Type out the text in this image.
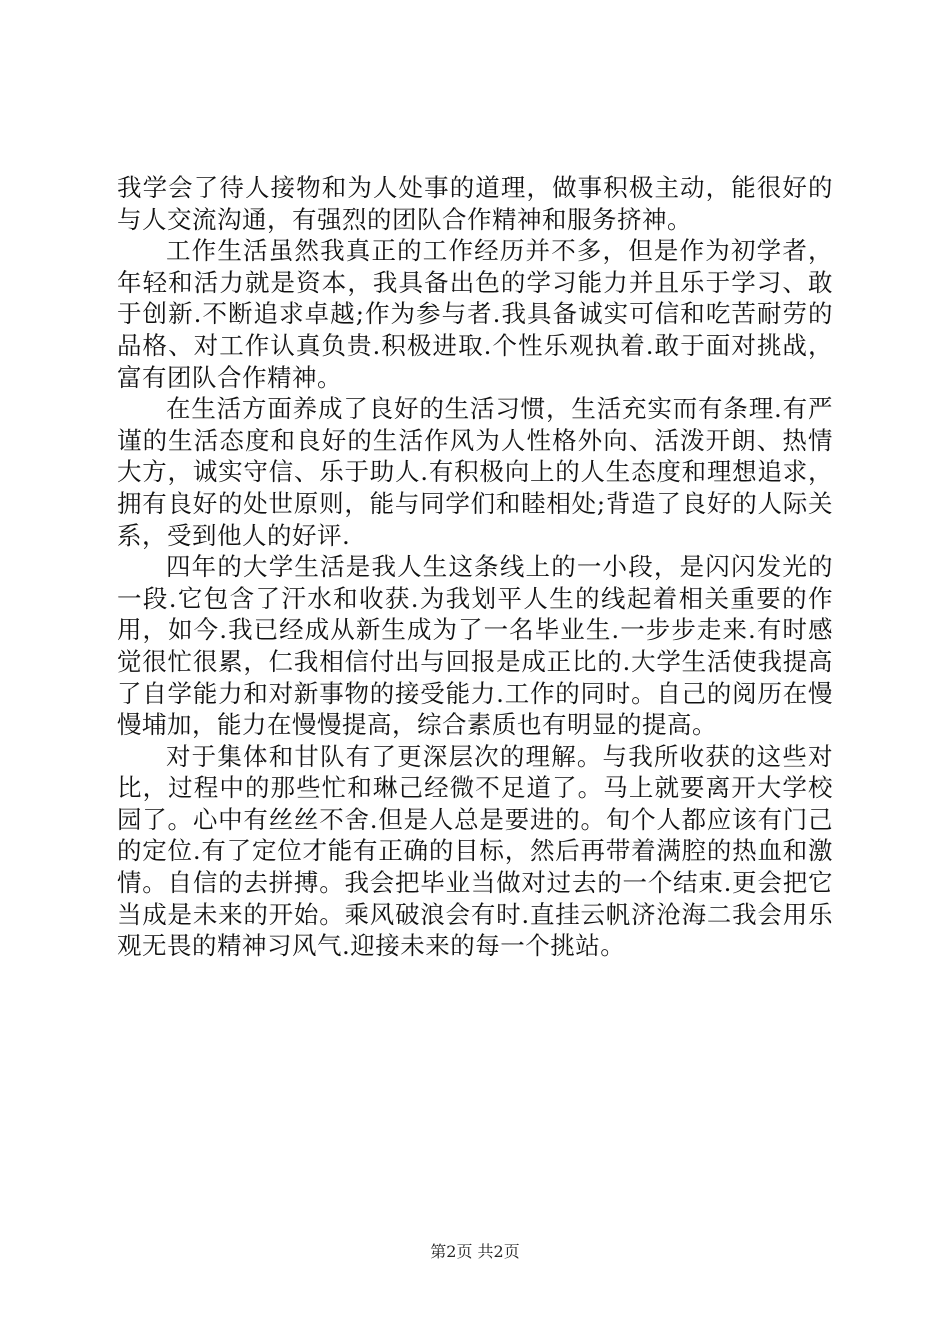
我学会了待人接物和为人处事的道理，做事积极主动，能很好的与人交流沟通，有强烈的团队合作精神和服务挤神。

工作生活虽然我真正的工作经历并不多，但是作为初学者，年轻和活力就是资本，我具备出色的学习能力并且乐于学习、敢于创新.不断追求卓越;作为参与者.我具备诚实可信和吃苦耐劳的品格、对工作认真负贵.积极进取.个性乐观执着.敢于面对挑战，富有团队合作精神。

在生活方面养成了良好的生活习惯，生活充实而有条理.有严谨的生活态度和良好的生活作风为人性格外向、活泼开朗、热情大方，诚实守信、乐于助人.有积极向上的人生态度和理想追求，拥有良好的处世原则，能与同学们和睦相处;背造了良好的人际关系，受到他人的好评.

四年的大学生活是我人生这条线上的一小段，是闪闪发光的一段.它包含了汗水和收获.为我划平人生的线起着相关重要的作用，如今.我已经成从新生成为了一名毕业生.一步步走来.有时感觉很忙很累，仁我相信付出与回报是成正比的.大学生活使我提高了自学能力和对新事物的接受能力.工作的同时。自己的阅历在慢慢埔加，能力在慢慢提高，综合素质也有明显的提高。

对于集体和甘队有了更深层次的理解。与我所收获的这些对比，过程中的那些忙和琳己经微不足道了。马上就要离开大学校园了。心中有丝丝不舍.但是人总是要进的。旬个人都应该有门己的定位.有了定位才能有正确的目标，然后再带着满腔的热血和激情。自信的去拼搏。我会把毕业当做对过去的一个结束.更会把它当成是未来的开始。乘风破浪会有时.直挂云帆济沧海二我会用乐观无畏的精神习风气.迎接未来的每一个挑站。

第2页 共2页
